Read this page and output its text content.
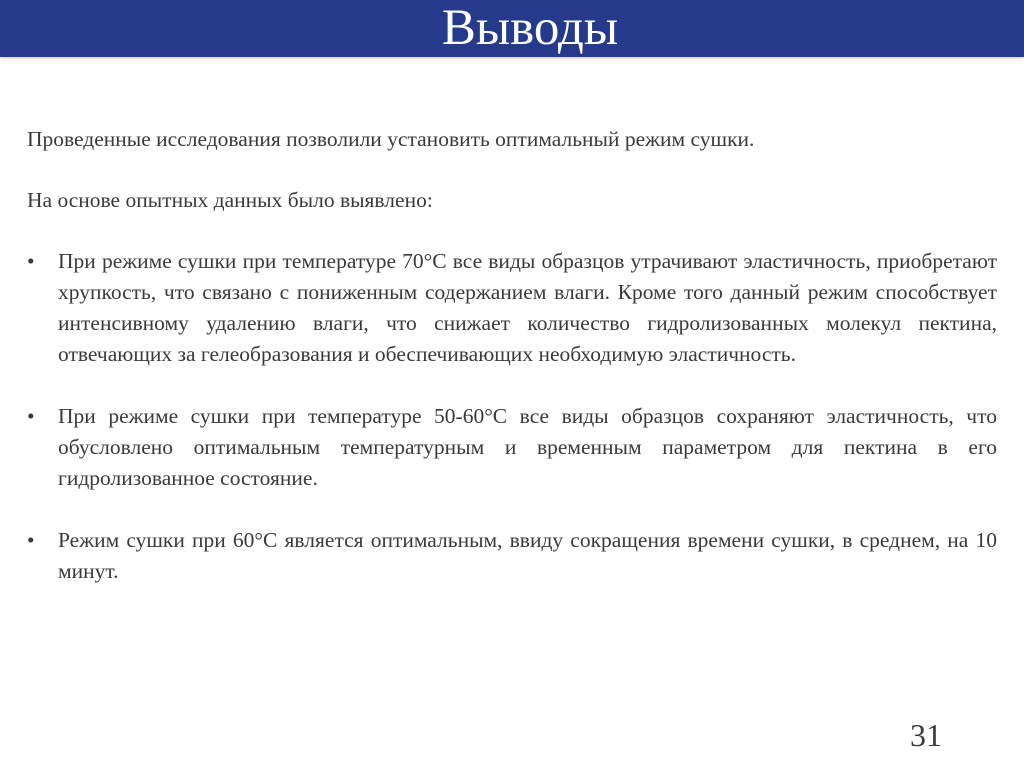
Выводы

Проведенные исследования позволили установить оптимальный режим сушки.

На основе опытных данных было выявлено:

•	При режиме сушки при температуре 70°С все виды образцов утрачивают эластичность, приобретают хрупкость, что связано с пониженным содержанием влаги. Кроме того данный режим способствует интенсивному удалению влаги, что снижает количество гидролизованных молекул пектина, отвечающих за гелеобразования и обеспечивающих необходимую эластичность.
•	При режиме сушки при температуре 50-60°С все виды образцов сохраняют эластичность, что обусловлено оптимальным температурным и временным параметром для пектина в его гидролизованное состояние.
•	Режим сушки при 60°С является оптимальным, ввиду сокращения времени сушки, в среднем, на 10 минут.
31
